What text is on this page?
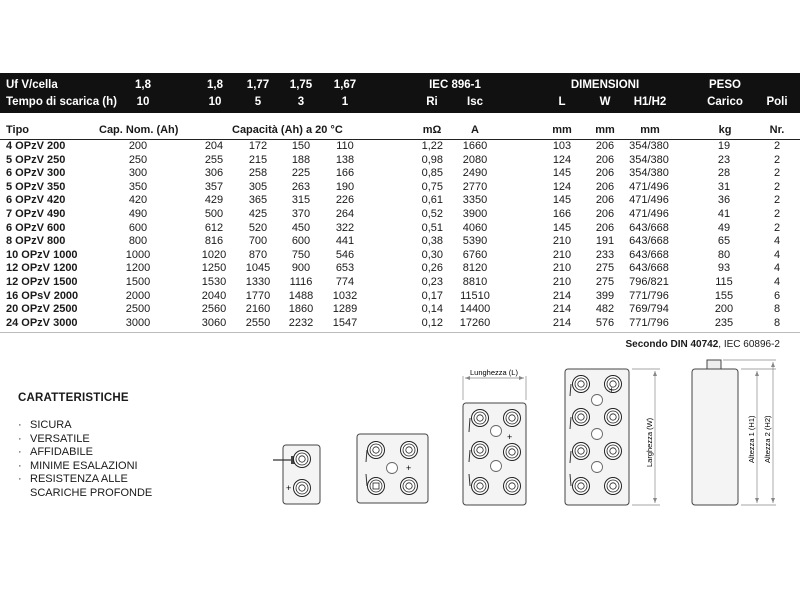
Uf V/cella	1,8	1,8	1,77	1,75	1,67	IEC 896-1	DIMENSIONI	PESO
Tempo di scarica (h)	10	10	5	3	1	Ri	Isc	L	W	H1/H2	Carico	Poli
Tipo	Cap. Nom. (Ah)	Capacità (Ah) a 20 °C	mΩ	A	mm mm mm	kg	Nr.
4 OPzV 200	200	204	172	150	110	1,22	1660	103 206	354/380	19	2
5 OPzV 250	250	255	215	188	138	0,98	2080	124 206	354/380	23	2
6 OPzV 300	300	306	258	225	166	0,85	2490	145 206	354/380	28	2
5 OPzV 350	350	357	305	263	190	0,75	2770	124 206	471/496	31	2
6 OPzV 420	420	429	365	315	226	0,61	3350	145 206	471/496	36	2
7 OPzV 490	490	500	425	370	264	0,52	3900	166 206	471/496	41	2
6 OPzV 600	600	612	520	450	322	0,51	4060	145 206	643/668	49	2
8 OPzV 800	800	816	700	600	441	0,38	5390	210 191	643/668	65	4
10 OPzV 1000	1000	1020	870	750	546	0,30	6760	210 233	643/668	80	4
12 OPzV 1200	1200	1250	1045	900	653	0,26	8120	210 275	643/668	93	4
12 OPzV 1500	1500	1530	1330	1116	774	0,23	8810	210 275	796/821	115	4
16 OPsV 2000	2000	2040	1770	1488	1032	0,17 11510	214 399	771/796	155	6
20 OPzV 2500	2500	2560	2160	1860	1289	0,14 14400	214 482	769/794	200	8
24 OPzV 3000	3000	3060	2550	2232	1547	0,12 17260	214 576	771/796	235	8
Secondo DIN 40742, IEC 60896-2
CARATTERISTICHE
· SICURA
· VERSATILE
· AFFIDABILE
· MINIME ESALAZIONI
· RESISTENZA ALLE SCARICHE PROFONDE	+
+
Lunghezza (L)
+
+
Larghezza (W)	Altezza 1 (H1) Altezza 2 (H2)
